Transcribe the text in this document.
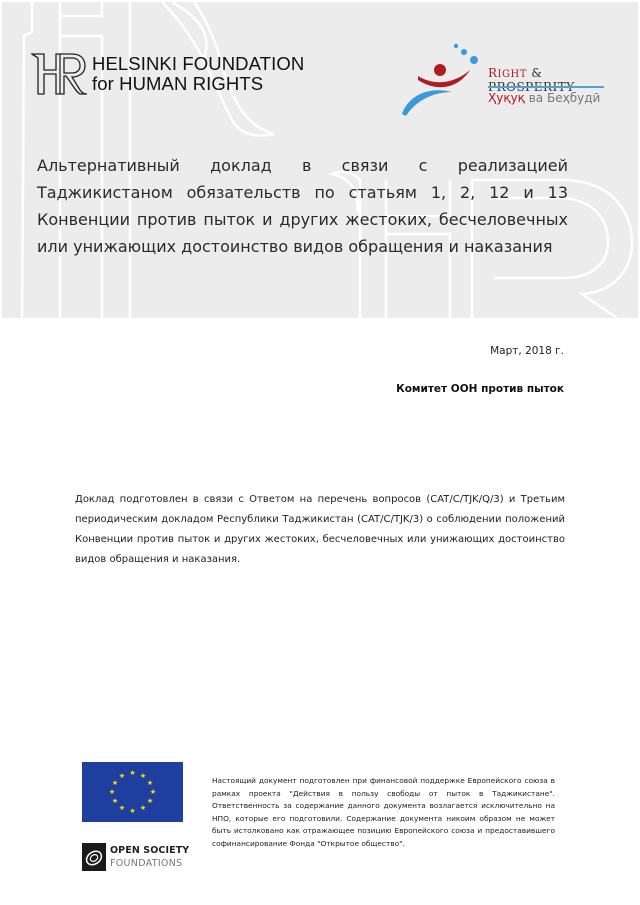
HELSINKI FOUNDATION
for HUMAN RIGHTS	RIGHT &
Ҳуқуқ ва Беҳбудӣ
Альтернативный доклад в связи с реализацией Таджикистаном обязательств по статьям 1, 2, 12 и 13 Конвенции против пыток и других жестоких, бесчеловечных или унижающих достоинство видов обращения и наказания
Март, 2018 г.
Комитет ООН против пыток
Доклад подготовлен в связи с Ответом на перечень вопросов (CAT/C/TJK/Q/3) и Третьим периодическим докладом Республики Таджикистан (CAT/C/TJK/3) о соблюдении положений Конвенции против пыток и других жестоких, бесчеловечных или унижающих достоинство видов обращения и наказания.
★ ★
★
★
★
★
★
★
★
★
★
★
OPEN SOCIETY
FOUNDATIONS
Настоящий документ подготовлен при финансовой поддержке Европейского союза в рамках проекта "Действия в пользу свободы от пыток в Таджикистане". Ответственность за содержание данного документа возлагается исключительно на НПО, которые его подготовили. Содержание документа никоим образом не может быть истолковано как отражающее позицию Европейского союза и предоставившего софинансирование Фонда "Открытое общество".
